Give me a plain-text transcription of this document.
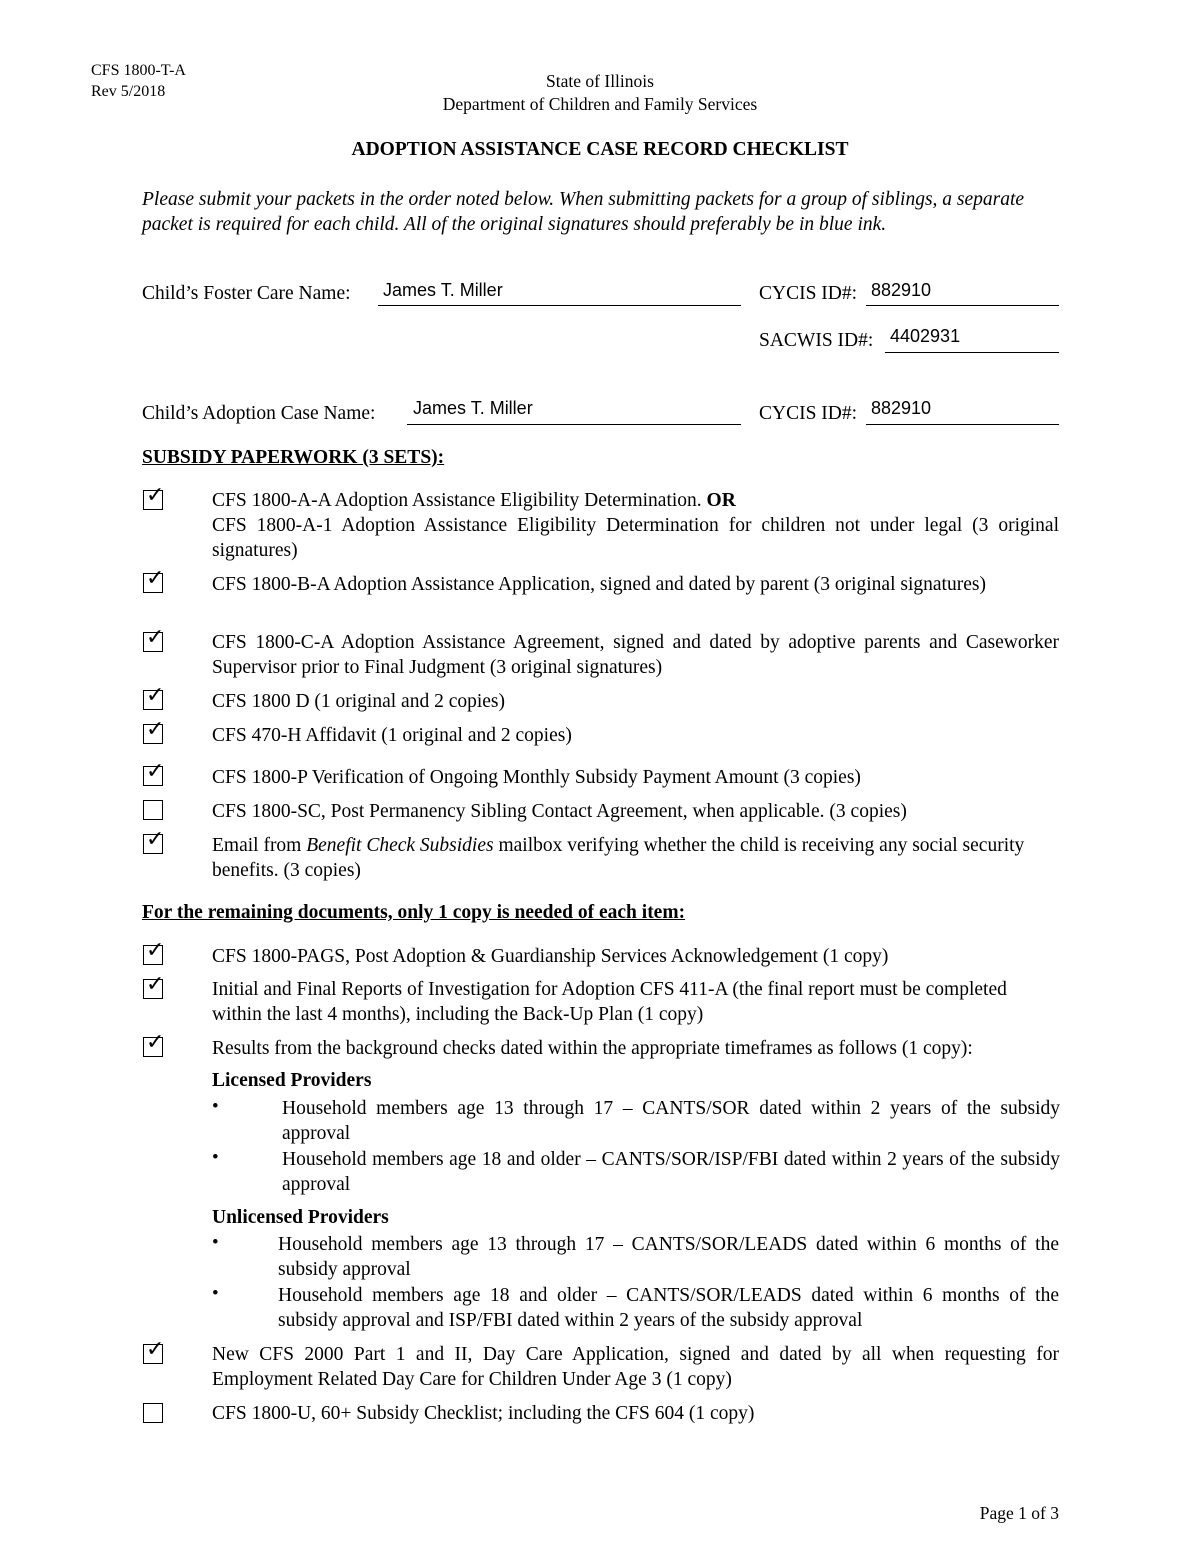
CFS 1800-T-A
Rev 5/2018
State of Illinois
Department of Children and Family Services
ADOPTION ASSISTANCE CASE RECORD CHECKLIST
Please submit your packets in the order noted below. When submitting packets for a group of siblings, a separate packet is required for each child. All of the original signatures should preferably be in blue ink.
Child’s Foster Care Name: James T. Miller	CYCIS ID#: 882910
SACWIS ID#: 4402931
Child’s Adoption Case Name: James T. Miller	CYCIS ID#: 882910
SUBSIDY PAPERWORK (3 SETS):
✓ CFS 1800-A-A Adoption Assistance Eligibility Determination. OR
CFS 1800-A-1 Adoption Assistance Eligibility Determination for children not under legal (3 original signatures)
✓ CFS 1800-B-A Adoption Assistance Application, signed and dated by parent (3 original signatures)
✓ CFS 1800-C-A Adoption Assistance Agreement, signed and dated by adoptive parents and Caseworker Supervisor prior to Final Judgment (3 original signatures)
✓ CFS 1800 D (1 original and 2 copies)
✓ CFS 470-H Affidavit (1 original and 2 copies)
✓ CFS 1800-P Verification of Ongoing Monthly Subsidy Payment Amount (3 copies)
CFS 1800-SC, Post Permanency Sibling Contact Agreement, when applicable. (3 copies)
✓ Email from Benefit Check Subsidies mailbox verifying whether the child is receiving any social security benefits. (3 copies)
For the remaining documents, only 1 copy is needed of each item:
✓ CFS 1800-PAGS, Post Adoption & Guardianship Services Acknowledgement (1 copy)
✓ Initial and Final Reports of Investigation for Adoption CFS 411-A (the final report must be completed within the last 4 months), including the Back-Up Plan (1 copy)
✓ Results from the background checks dated within the appropriate timeframes as follows (1 copy):
Licensed Providers
•	Household members age 13 through 17 – CANTS/SOR dated within 2 years of the subsidy approval
•	Household members age 18 and older – CANTS/SOR/ISP/FBI dated within 2 years of the subsidy approval
Unlicensed Providers
•	Household members age 13 through 17 – CANTS/SOR/LEADS dated within 6 months of the subsidy approval
•	Household members age 18 and older – CANTS/SOR/LEADS dated within 6 months of the subsidy approval and ISP/FBI dated within 2 years of the subsidy approval
✓ New CFS 2000 Part 1 and II, Day Care Application, signed and dated by all when requesting for Employment Related Day Care for Children Under Age 3 (1 copy)
CFS 1800-U, 60+ Subsidy Checklist; including the CFS 604 (1 copy)
Page 1 of 3
